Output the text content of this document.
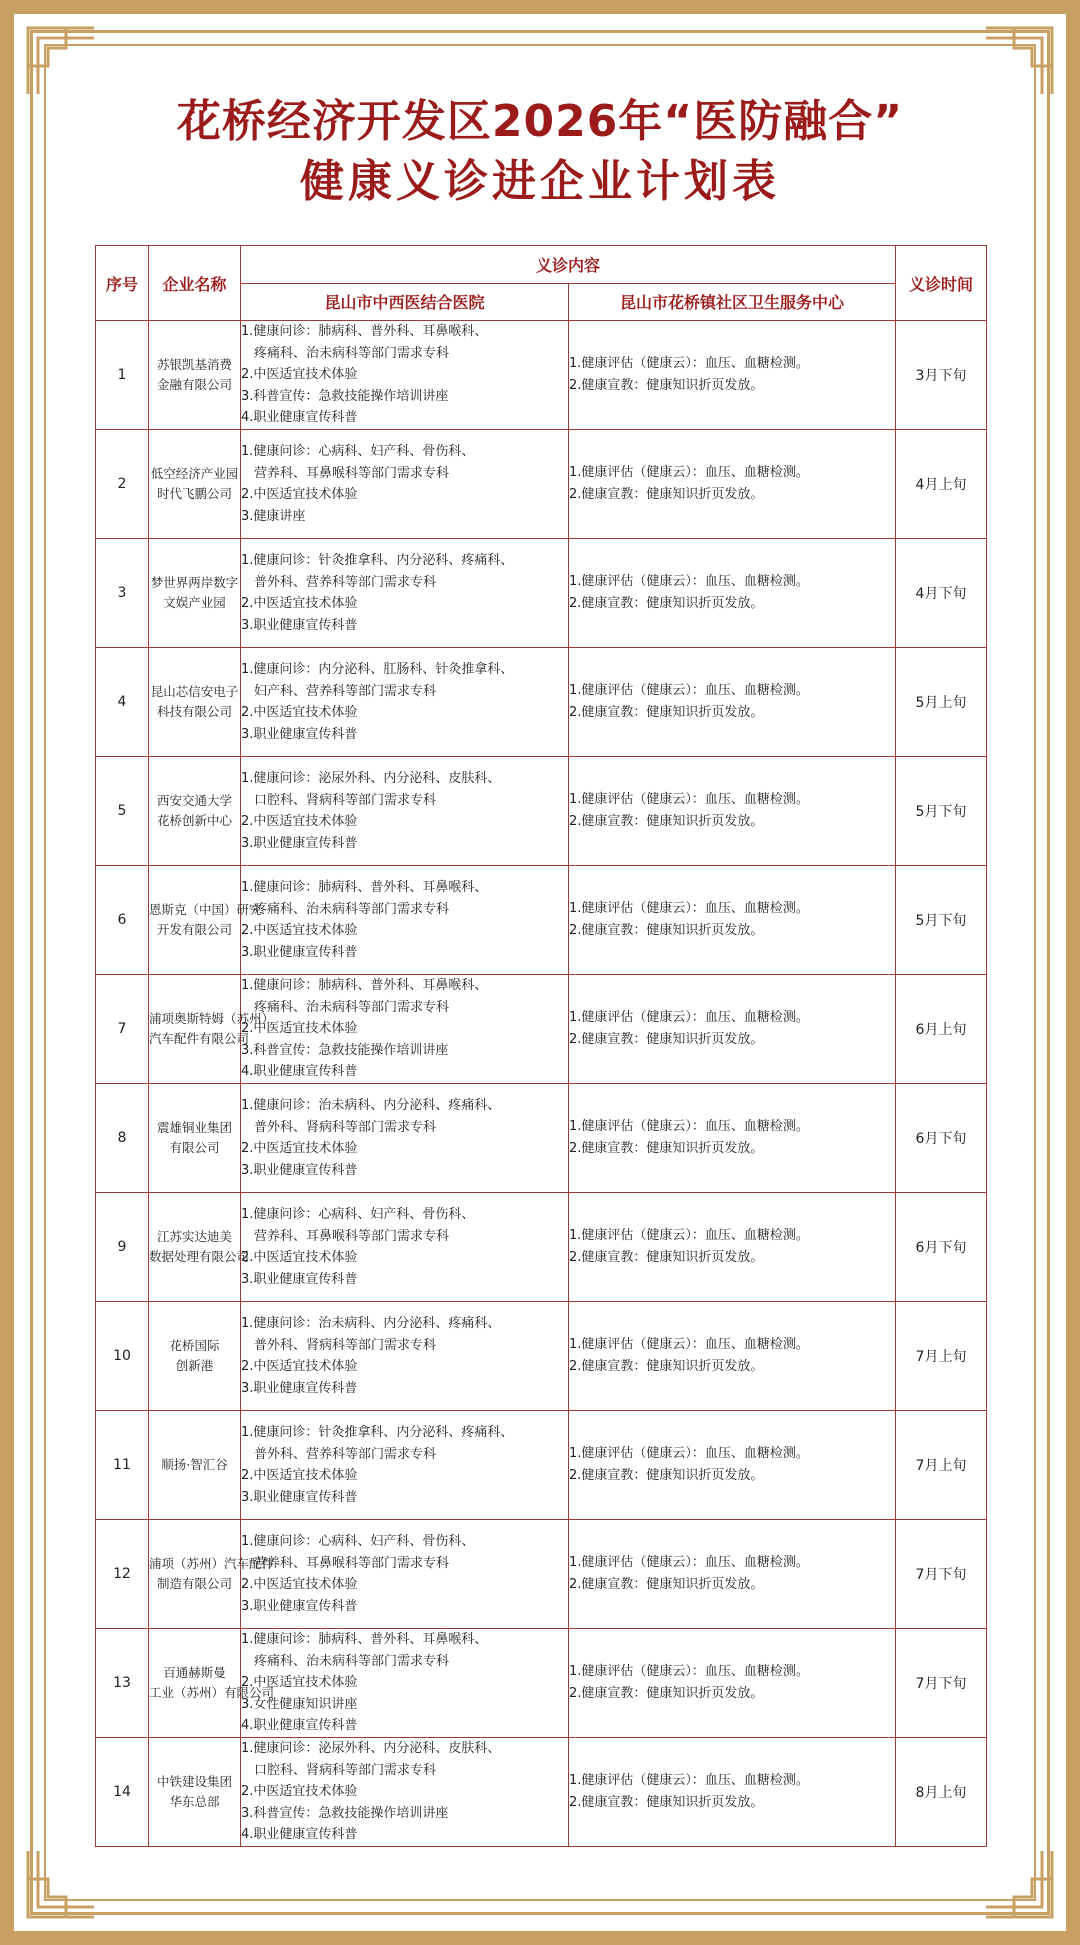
花桥经济开发区2026年“医防融合”
健康义诊进企业计划表
序号	企业名称	义诊内容		义诊时间
		昆山市中西医结合医院	昆山市花桥镇社区卫生服务中心	
1	苏银凯基消费
金融有限公司	1.健康问诊：肺病科、普外科、耳鼻喉科、
疼痛科、治未病科等部门需求专科
2.中医适宜技术体验
3.科普宣传：急救技能操作培训讲座
4.职业健康宣传科普	1.健康评估（健康云）：血压、血糖检测。
2.健康宣教：健康知识折页发放。	3月下旬
2	低空经济产业园
时代飞鹏公司	1.健康问诊：心病科、妇产科、骨伤科、
营养科、耳鼻喉科等部门需求专科
2.中医适宜技术体验
3.健康讲座	1.健康评估（健康云）：血压、血糖检测。
2.健康宣教：健康知识折页发放。	4月上旬
3	梦世界两岸数字
文娱产业园	1.健康问诊：针灸推拿科、内分泌科、疼痛科、
普外科、营养科等部门需求专科
2.中医适宜技术体验
3.职业健康宣传科普	1.健康评估（健康云）：血压、血糖检测。
2.健康宣教：健康知识折页发放。	4月下旬
4	昆山芯信安电子
科技有限公司	1.健康问诊：内分泌科、肛肠科、针灸推拿科、
妇产科、营养科等部门需求专科
2.中医适宜技术体验
3.职业健康宣传科普	1.健康评估（健康云）：血压、血糖检测。
2.健康宣教：健康知识折页发放。	5月上旬
5	西安交通大学
花桥创新中心	1.健康问诊：泌尿外科、内分泌科、皮肤科、
口腔科、肾病科等部门需求专科
2.中医适宜技术体验
3.职业健康宣传科普	1.健康评估（健康云）：血压、血糖检测。
2.健康宣教：健康知识折页发放。	5月下旬
6	恩斯克（中国）研究
开发有限公司	1.健康问诊：肺病科、普外科、耳鼻喉科、
疼痛科、治未病科等部门需求专科
2.中医适宜技术体验
3.职业健康宣传科普	1.健康评估（健康云）：血压、血糖检测。
2.健康宣教：健康知识折页发放。	5月下旬
7	浦项奥斯特姆（苏州）
汽车配件有限公司	1.健康问诊：肺病科、普外科、耳鼻喉科、
疼痛科、治未病科等部门需求专科
2.中医适宜技术体验
3.科普宣传：急救技能操作培训讲座
4.职业健康宣传科普	1.健康评估（健康云）：血压、血糖检测。
2.健康宣教：健康知识折页发放。	6月上旬
8	震雄铜业集团
有限公司	1.健康问诊：治未病科、内分泌科、疼痛科、
普外科、肾病科等部门需求专科
2.中医适宜技术体验
3.职业健康宣传科普	1.健康评估（健康云）：血压、血糖检测。
2.健康宣教：健康知识折页发放。	6月下旬
9	江苏实达迪美
数据处理有限公司	1.健康问诊：心病科、妇产科、骨伤科、
营养科、耳鼻喉科等部门需求专科
2.中医适宜技术体验
3.职业健康宣传科普	1.健康评估（健康云）：血压、血糖检测。
2.健康宣教：健康知识折页发放。	6月下旬
10	花桥国际
创新港	1.健康问诊：治未病科、内分泌科、疼痛科、
普外科、肾病科等部门需求专科
2.中医适宜技术体验
3.职业健康宣传科普	1.健康评估（健康云）：血压、血糖检测。
2.健康宣教：健康知识折页发放。	7月上旬
11	顺扬·智汇谷	1.健康问诊：针灸推拿科、内分泌科、疼痛科、
普外科、营养科等部门需求专科
2.中医适宜技术体验
3.职业健康宣传科普	1.健康评估（健康云）：血压、血糖检测。
2.健康宣教：健康知识折页发放。	7月上旬
12	浦项（苏州）汽车配件
制造有限公司	1.健康问诊：心病科、妇产科、骨伤科、
营养科、耳鼻喉科等部门需求专科
2.中医适宜技术体验
3.职业健康宣传科普	1.健康评估（健康云）：血压、血糖检测。
2.健康宣教：健康知识折页发放。	7月下旬
13	百通赫斯曼
工业（苏州）有限公司	1.健康问诊：肺病科、普外科、耳鼻喉科、
疼痛科、治未病科等部门需求专科
2.中医适宜技术体验
3.女性健康知识讲座
4.职业健康宣传科普	1.健康评估（健康云）：血压、血糖检测。
2.健康宣教：健康知识折页发放。	7月下旬
14	中铁建设集团
华东总部	1.健康问诊：泌尿外科、内分泌科、皮肤科、
口腔科、肾病科等部门需求专科
2.中医适宜技术体验
3.科普宣传：急救技能操作培训讲座
4.职业健康宣传科普	1.健康评估（健康云）：血压、血糖检测。
2.健康宣教：健康知识折页发放。	8月上旬
